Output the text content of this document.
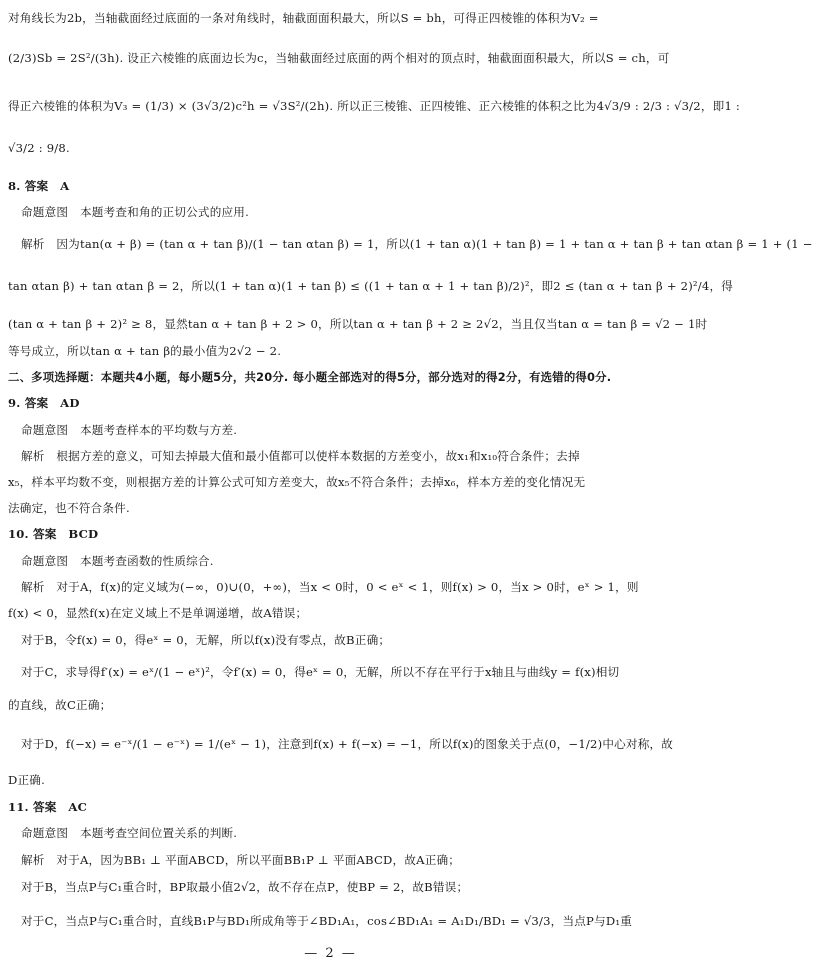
对角线长为2b，当轴截面经过底面的一条对角线时，轴截面面积最大，所以S = bh，可得正四棱锥的体积为V₂ =
(2/3)Sb = 2S²/(3h). 设正六棱锥的底面边长为c，当轴截面经过底面的两个相对的顶点时，轴截面面积最大，所以S = ch，可
得正六棱锥的体积为V₃ = (1/3) × (3√3/2)c²h = √3S²/(2h). 所以正三棱锥、正四棱锥、正六棱锥的体积之比为4√3/9 : 2/3 : √3/2，即1 :
√3/2 : 9/8.
8. 答案　A
命题意图　本题考查和角的正切公式的应用.
解析　因为tan(α + β) = (tan α + tan β)/(1 − tan αtan β) = 1，所以(1 + tan α)(1 + tan β) = 1 + tan α + tan β + tan αtan β = 1 + (1 −
tan αtan β) + tan αtan β = 2，所以(1 + tan α)(1 + tan β) ≤ ((1 + tan α + 1 + tan β)/2)²，即2 ≤ (tan α + tan β + 2)²/4，得
(tan α + tan β + 2)² ≥ 8，显然tan α + tan β + 2 > 0，所以tan α + tan β + 2 ≥ 2√2，当且仅当tan α = tan β = √2 − 1时
等号成立，所以tan α + tan β的最小值为2√2 − 2.
二、多项选择题：本题共4小题，每小题5分，共20分. 每小题全部选对的得5分，部分选对的得2分，有选错的得0分.
9. 答案　AD
命题意图　本题考查样本的平均数与方差.
解析　根据方差的意义，可知去掉最大值和最小值都可以使样本数据的方差变小，故x₁和x₁₀符合条件；去掉
x₅，样本平均数不变，则根据方差的计算公式可知方差变大，故x₅不符合条件；去掉x₆，样本方差的变化情况无
法确定，也不符合条件.
10. 答案　BCD
命题意图　本题考查函数的性质综合.
解析　对于A，f(x)的定义域为(−∞，0)∪(0，+∞)，当x < 0时，0 < eˣ < 1，则f(x) > 0，当x > 0时，eˣ > 1，则
f(x) < 0，显然f(x)在定义域上不是单调递增，故A错误；
对于B，令f(x) = 0，得eˣ = 0，无解，所以f(x)没有零点，故B正确；
对于C，求导得f′(x) = eˣ/(1 − eˣ)²，令f′(x) = 0，得eˣ = 0，无解，所以不存在平行于x轴且与曲线y = f(x)相切
的直线，故C正确；
对于D，f(−x) = e⁻ˣ/(1 − e⁻ˣ) = 1/(eˣ − 1)，注意到f(x) + f(−x) = −1，所以f(x)的图象关于点(0，−1/2)中心对称，故
D正确.
11. 答案　AC
命题意图　本题考查空间位置关系的判断.
解析　对于A，因为BB₁ ⊥ 平面ABCD，所以平面BB₁P ⊥ 平面ABCD，故A正确；
对于B，当点P与C₁重合时，BP取最小值2√2，故不存在点P，使BP = 2，故B错误；
对于C，当点P与C₁重合时，直线B₁P与BD₁所成角等于∠BD₁A₁，cos∠BD₁A₁ = A₁D₁/BD₁ = √3/3，当点P与D₁重
— 2 —
